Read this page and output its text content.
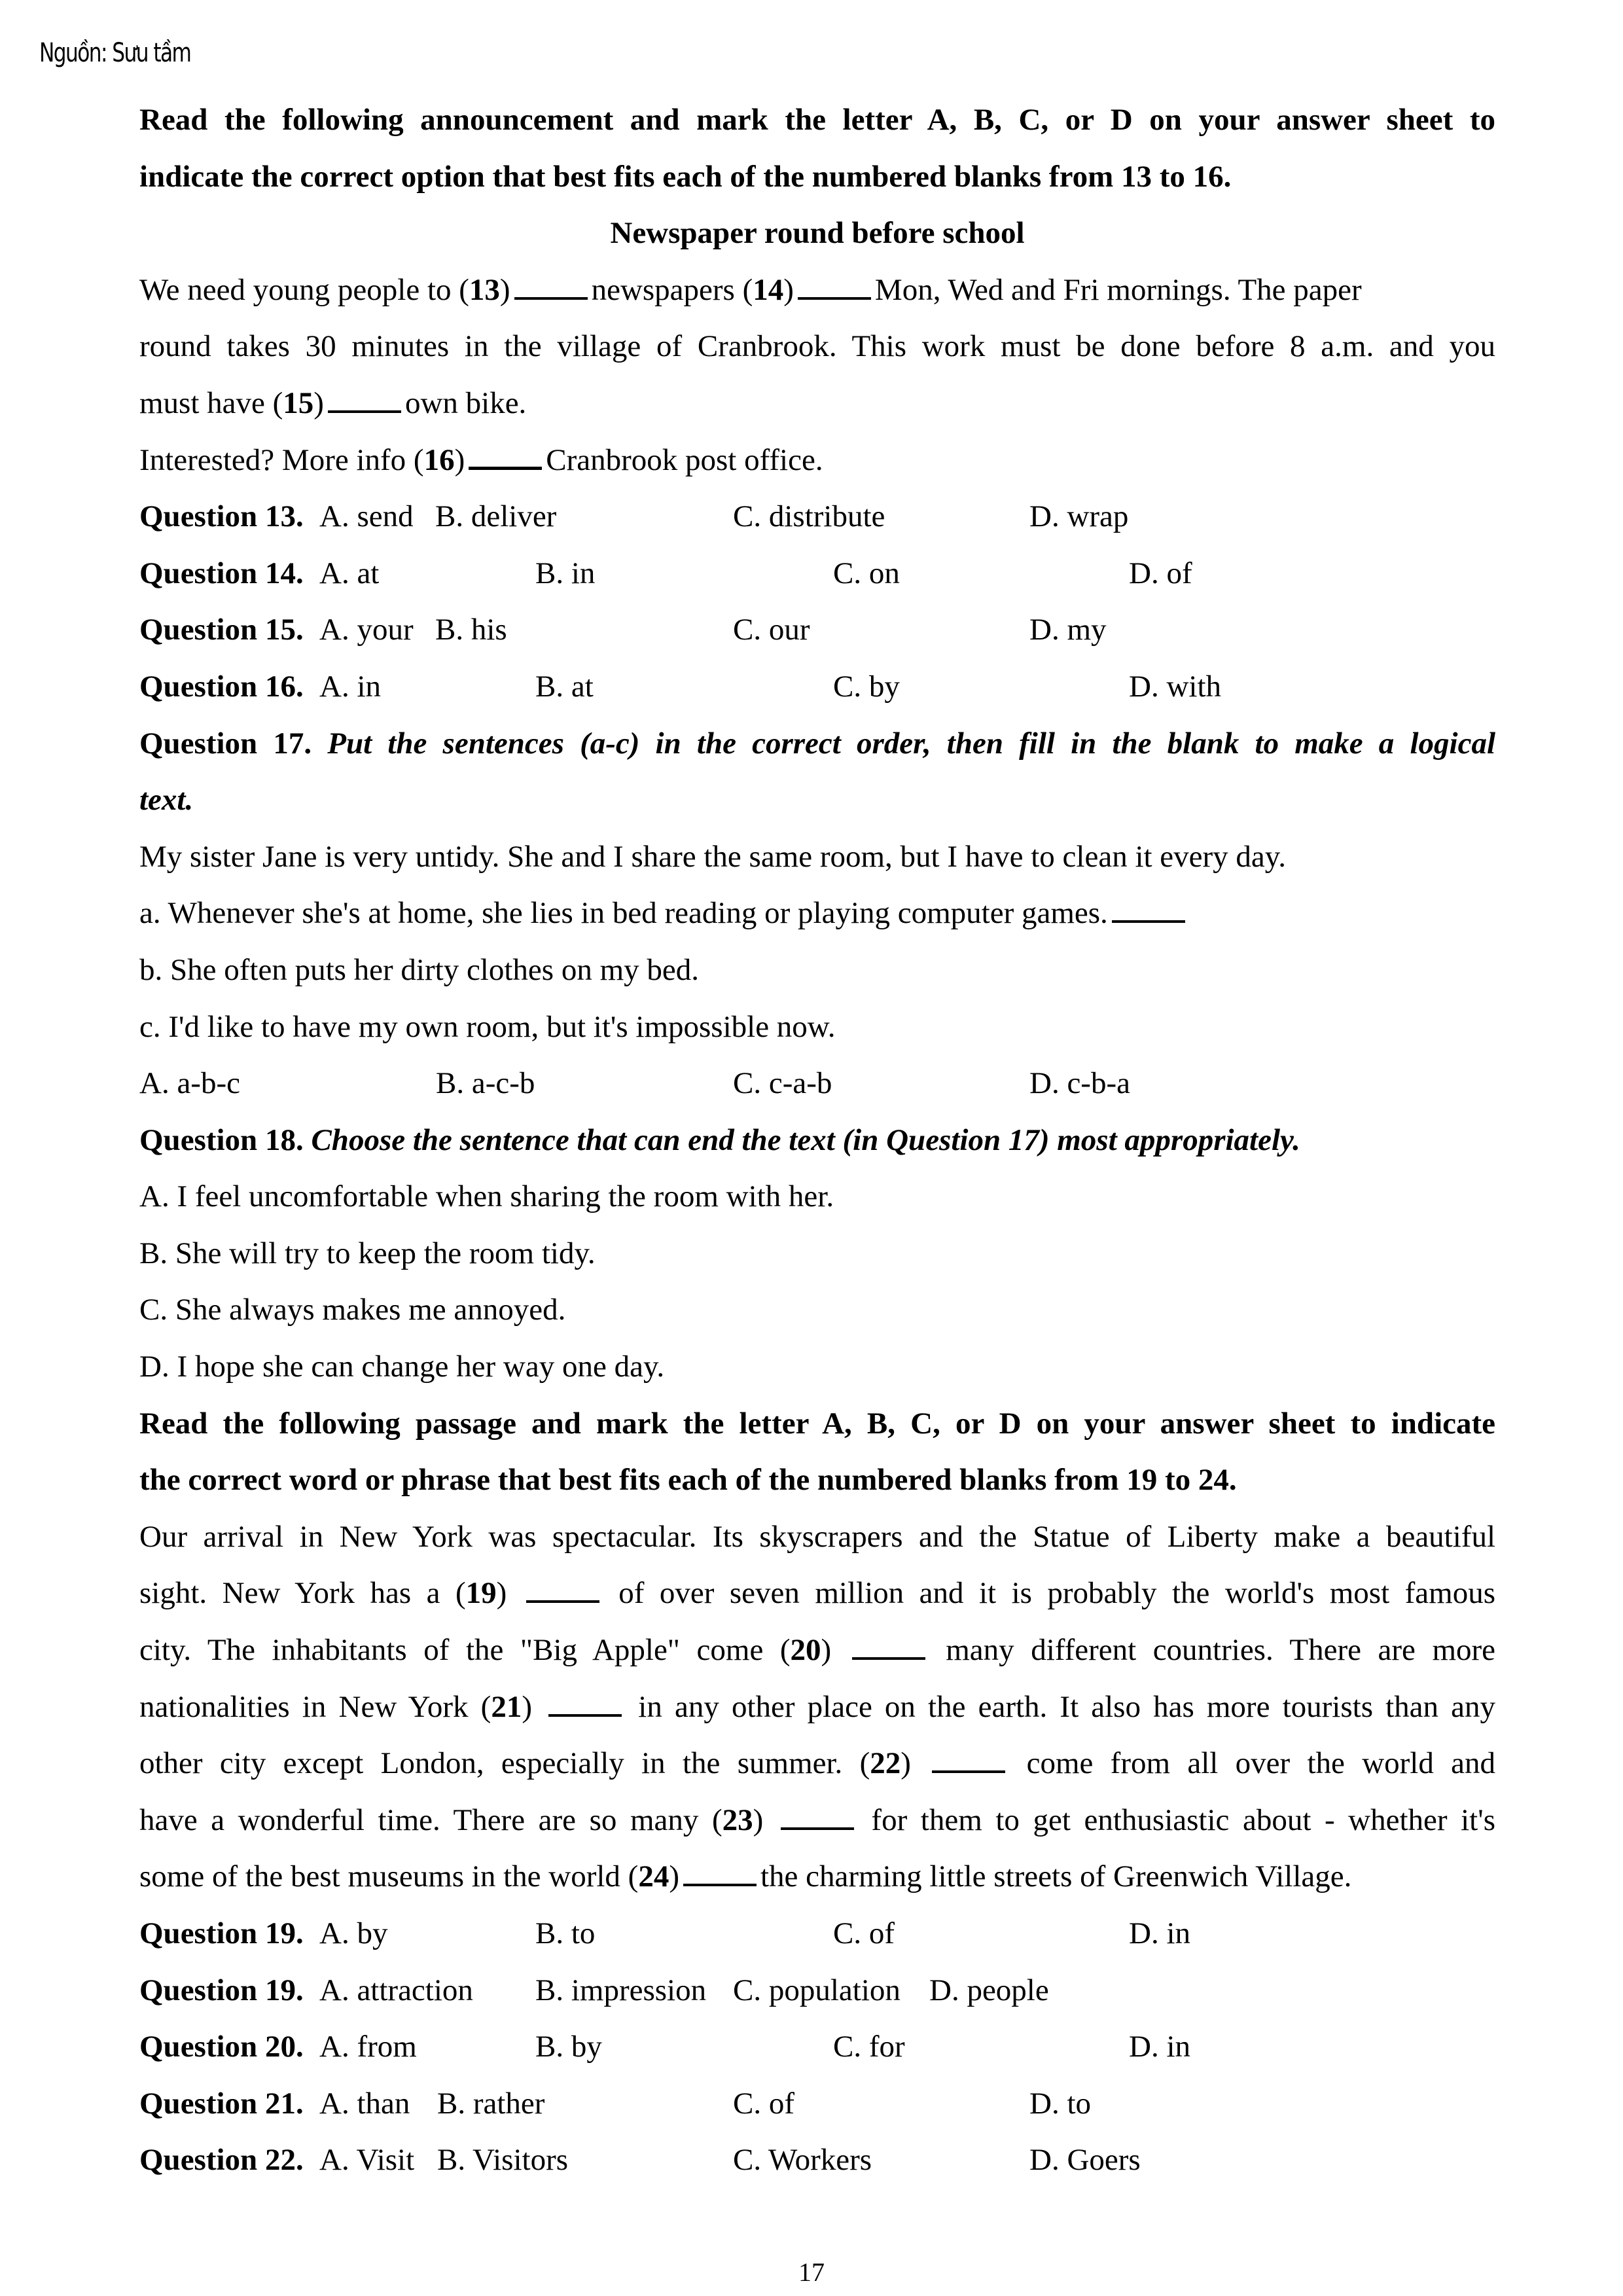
Nguồn: Sưu tầm
Read the following announcement and mark the letter A, B, C, or D on your answer sheet to
indicate the correct option that best fits each of the numbered blanks from 13 to 16.
Newspaper round before school
We need young people to (13)	newspapers (14)	Mon, Wed and Fri mornings. The paper
round takes 30 minutes in the village of Cranbrook. This work must be done before 8 a.m. and you
must have (15)	own bike.
Interested? More info (16)	Cranbrook post office.
Question 13. A. send B. deliver	C. distribute	D. wrap
Question 14. A. at	B. in	C. on	D. of
Question 15. A. your B. his	C. our	D. my
Question 16. A. in	B. at	C. by	D. with
Question 17. Put the sentences (a-c) in the correct order, then fill in the blank to make a logical
text.
My sister Jane is very untidy. She and I share the same room, but I have to clean it every day.
a. Whenever she's at home, she lies in bed reading or playing computer games.
b. She often puts her dirty clothes on my bed.
c. I'd like to have my own room, but it's impossible now.
A. a-b-c	B. a-c-b	C. c-a-b	D. c-b-a
Question 18. Choose the sentence that can end the text (in Question 17) most appropriately.
A. I feel uncomfortable when sharing the room with her.
B. She will try to keep the room tidy.
C. She always makes me annoyed.
D. I hope she can change her way one day.
Read the following passage and mark the letter A, B, C, or D on your answer sheet to indicate
the correct word or phrase that best fits each of the numbered blanks from 19 to 24.
Our arrival in New York was spectacular. Its skyscrapers and the Statue of Liberty make a beautiful
sight. New York has a (19)	of over seven million and it is probably the world's most famous
city. The inhabitants of the "Big Apple" come (20)	many different countries. There are more
nationalities in New York (21)	in any other place on the earth. It also has more tourists than any
other city except London, especially in the summer. (22)	come from all over the world and
have a wonderful time. There are so many (23)	for them to get enthusiastic about - whether it's
some of the best museums in the world (24)	the charming little streets of Greenwich Village.
Question 19. A. by	B. to	C. of	D. in
Question 19. A. attraction B. impression C. population D. people
Question 20. A. from	B. by	C. for	D. in
Question 21. A. than B. rather	C. of	D. to
Question 22. A. Visit B. Visitors	C. Workers	D. Goers
17
